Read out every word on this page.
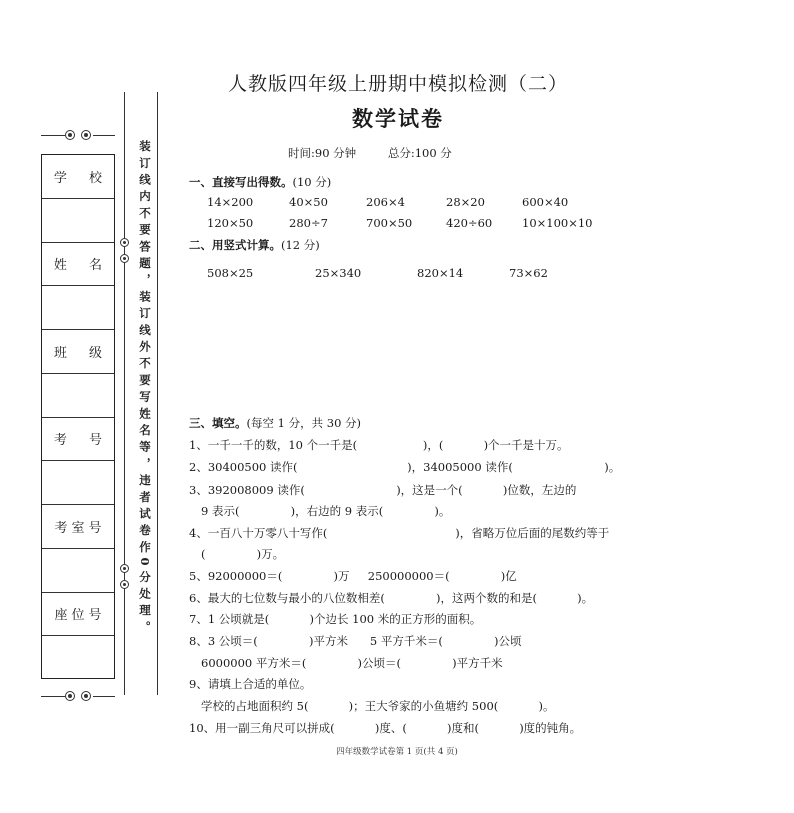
学 校
姓 名
班 级
考 号
考室号
座位号	装订线内不要答题，装订线外不要写姓名等，违者试卷作0分处理。
人教版四年级上册期中模拟检测（二）
数学试卷
时间:90 分钟	总分:100 分
一、直接写出得数。(10 分)
14×200	40×50	206×4	28×20	600×40
120×50	280÷7	700×50	420÷60	10×100×10
二、用竖式计算。(12 分)
508×25	25×340	820×14	73×62
三、填空。(每空 1 分，共 30 分)
1、一千一千的数，10 个一千是(                  )，(           )个一千是十万。
2、30400500 读作(                              )，34005000 读作(                         )。
3、392008009 读作(                         )，这是一个(           )位数，左边的
9 表示(              )，右边的 9 表示(              )。
4、一百八十万零八十写作(                                   )，省略万位后面的尾数约等于
(              )万。
5、92000000＝(              )万     250000000＝(              )亿
6、最大的七位数与最小的八位数相差(              )，这两个数的和是(           )。
7、1 公顷就是(           )个边长 100 米的正方形的面积。
8、3 公顷＝(              )平方米      5 平方千米＝(              )公顷
6000000 平方米＝(              )公顷＝(              )平方千米
9、请填上合适的单位。
学校的占地面积约 5(           )；王大爷家的小鱼塘约 500(           )。
10、用一副三角尺可以拼成(           )度、(           )度和(           )度的钝角。
四年级数学试卷第 1 页(共 4 页)
